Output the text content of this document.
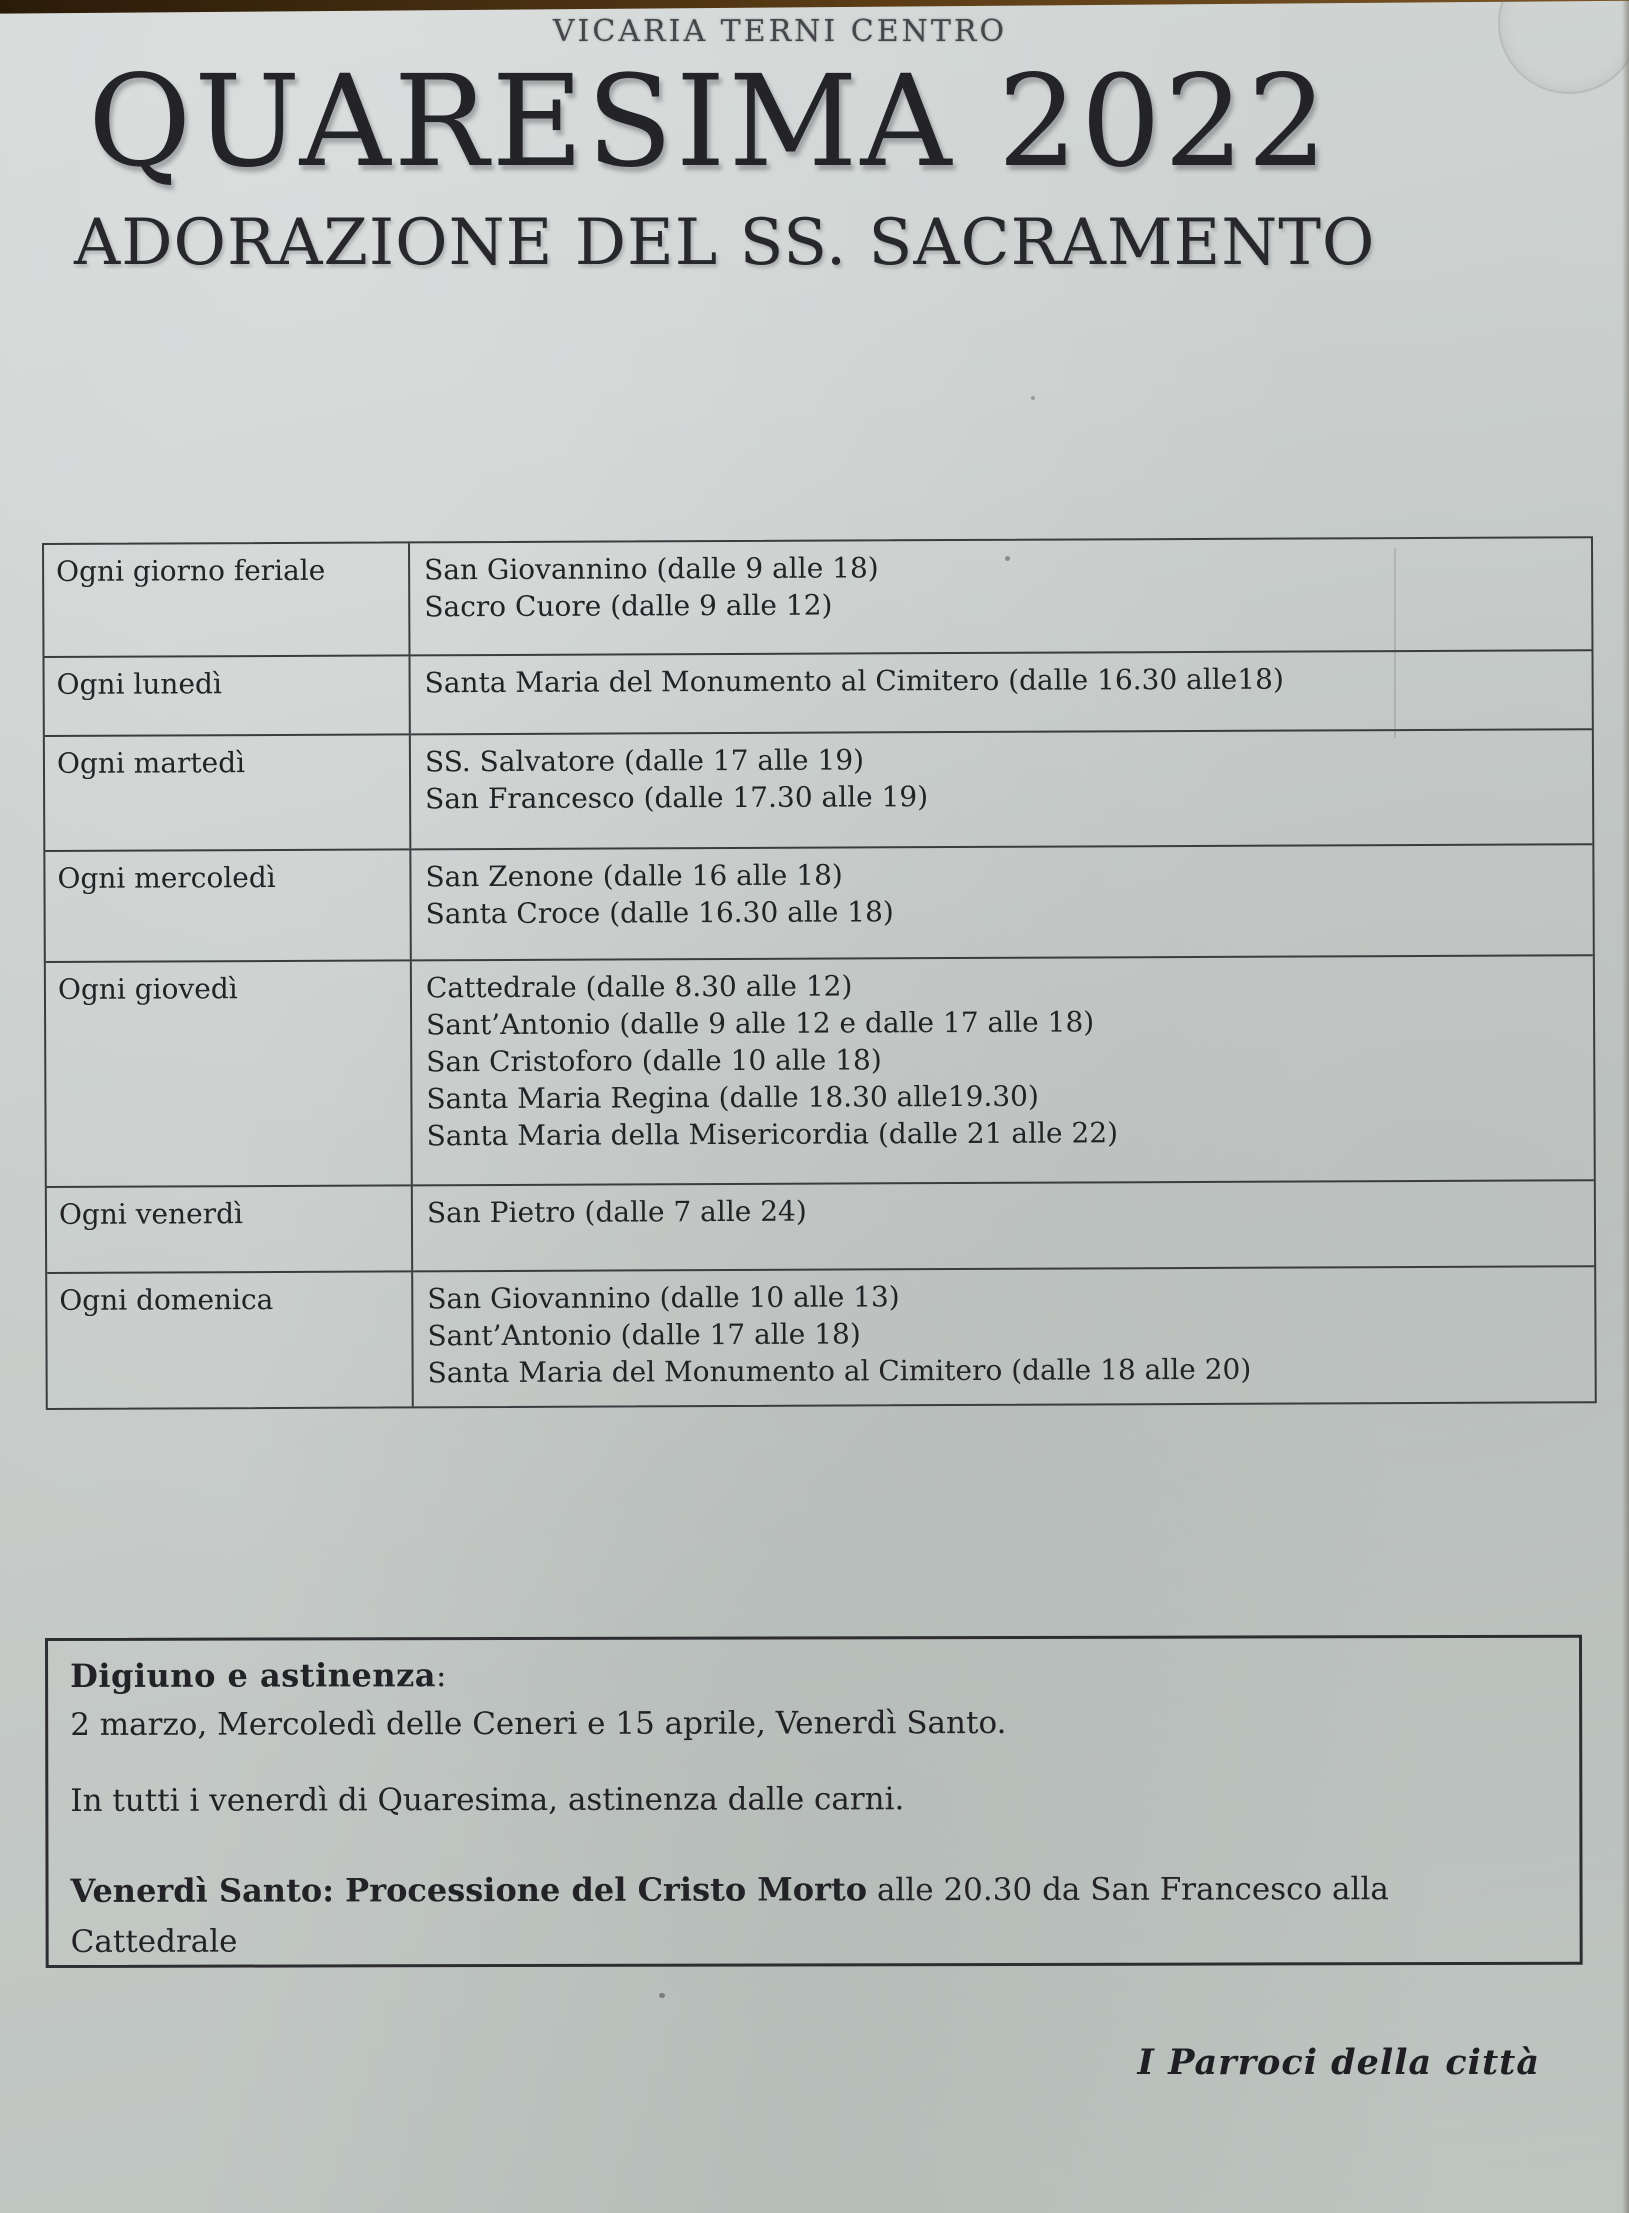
VICARIA TERNI CENTRO
QUARESIMA 2022
ADORAZIONE DEL SS. SACRAMENTO
Ogni giorno feriale	San Giovannino (dalle 9 alle 18)
Sacro Cuore (dalle 9 alle 12)
Ogni lunedì	Santa Maria del Monumento al Cimitero (dalle 16.30 alle18)
Ogni martedì	SS. Salvatore (dalle 17 alle 19)
San Francesco (dalle 17.30 alle 19)
Ogni mercoledì	San Zenone (dalle 16 alle 18)
Santa Croce (dalle 16.30 alle 18)
Ogni giovedì	Cattedrale (dalle 8.30 alle 12)
Sant’Antonio (dalle 9 alle 12 e dalle 17 alle 18)
San Cristoforo (dalle 10 alle 18)
Santa Maria Regina (dalle 18.30 alle19.30)
Santa Maria della Misericordia (dalle 21 alle 22)
Ogni venerdì	San Pietro (dalle 7 alle 24)
Ogni domenica	San Giovannino (dalle 10 alle 13)
Sant’Antonio (dalle 17 alle 18)
Santa Maria del Monumento al Cimitero (dalle 18 alle 20)

Digiuno e astinenza:

2 marzo, Mercoledì delle Ceneri e 15 aprile, Venerdì Santo.

In tutti i venerdì di Quaresima, astinenza dalle carni.

Venerdì Santo: Processione del Cristo Morto alle 20.30 da San Francesco alla
Cattedrale

I Parroci della città
